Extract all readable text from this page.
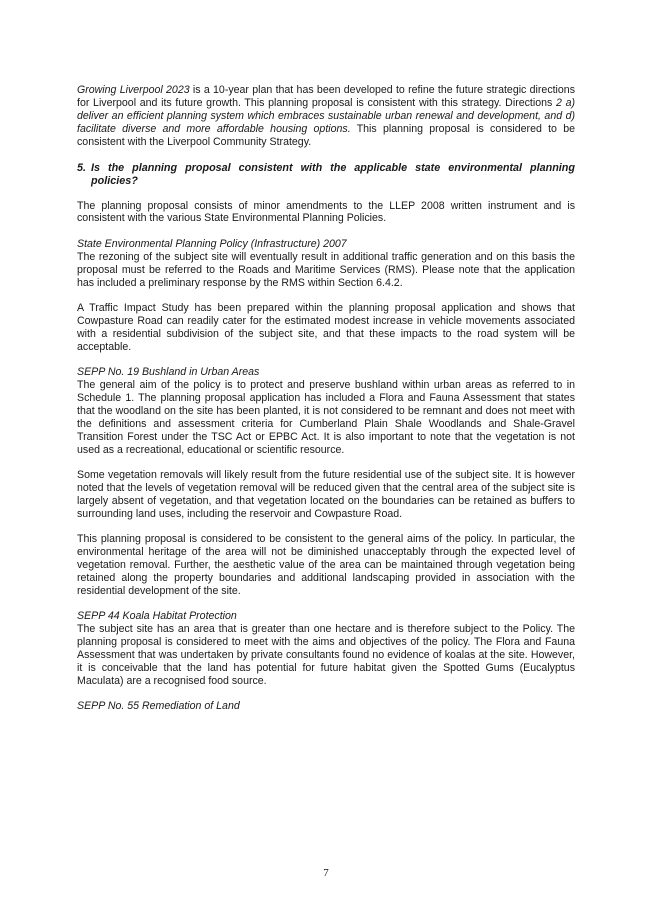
Growing Liverpool 2023 is a 10-year plan that has been developed to refine the future strategic directions for Liverpool and its future growth. This planning proposal is consistent with this strategy. Directions 2 a) deliver an efficient planning system which embraces sustainable urban renewal and development, and d) facilitate diverse and more affordable housing options. This planning proposal is considered to be consistent with the Liverpool Community Strategy.

5. Is the planning proposal consistent with the applicable state environmental planning policies?

The planning proposal consists of minor amendments to the LLEP 2008 written instrument and is consistent with the various State Environmental Planning Policies.

State Environmental Planning Policy (Infrastructure) 2007

The rezoning of the subject site will eventually result in additional traffic generation and on this basis the proposal must be referred to the Roads and Maritime Services (RMS). Please note that the application has included a preliminary response by the RMS within Section 6.4.2.

A Traffic Impact Study has been prepared within the planning proposal application and shows that Cowpasture Road can readily cater for the estimated modest increase in vehicle movements associated with a residential subdivision of the subject site, and that these impacts to the road system will be acceptable.

SEPP No. 19 Bushland in Urban Areas

The general aim of the policy is to protect and preserve bushland within urban areas as referred to in Schedule 1. The planning proposal application has included a Flora and Fauna Assessment that states that the woodland on the site has been planted, it is not considered to be remnant and does not meet with the definitions and assessment criteria for Cumberland Plain Shale Woodlands and Shale-Gravel Transition Forest under the TSC Act or EPBC Act. It is also important to note that the vegetation is not used as a recreational, educational or scientific resource.

Some vegetation removals will likely result from the future residential use of the subject site. It is however noted that the levels of vegetation removal will be reduced given that the central area of the subject site is largely absent of vegetation, and that vegetation located on the boundaries can be retained as buffers to surrounding land uses, including the reservoir and Cowpasture Road.

This planning proposal is considered to be consistent to the general aims of the policy. In particular, the environmental heritage of the area will not be diminished unacceptably through the expected level of vegetation removal. Further, the aesthetic value of the area can be maintained through vegetation being retained along the property boundaries and additional landscaping provided in association with the residential development of the site.

SEPP 44 Koala Habitat Protection

The subject site has an area that is greater than one hectare and is therefore subject to the Policy. The planning proposal is considered to meet with the aims and objectives of the policy. The Flora and Fauna Assessment that was undertaken by private consultants found no evidence of koalas at the site. However, it is conceivable that the land has potential for future habitat given the Spotted Gums (Eucalyptus Maculata) are a recognised food source.

SEPP No. 55 Remediation of Land
7
